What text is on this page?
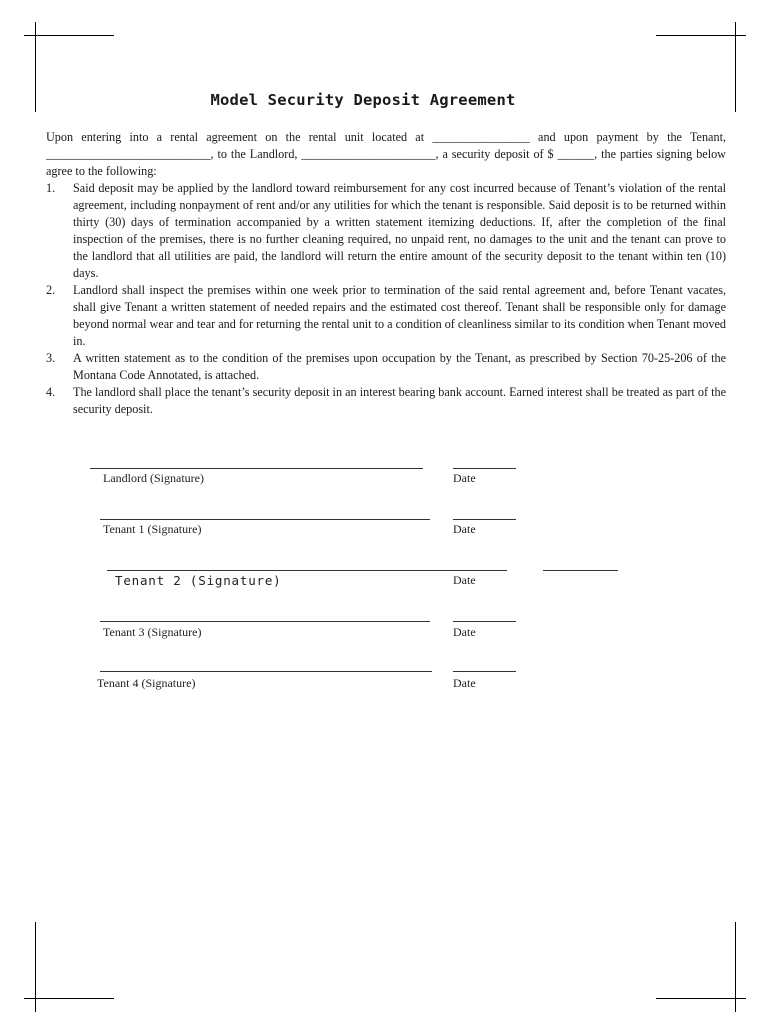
Model Security Deposit Agreement

Upon entering into a rental agreement on the rental unit located at ________________ and upon payment by the Tenant, ___________________________, to the Landlord, ______________________, a security deposit of $ ______, the parties signing below agree to the following:

1. Said deposit may be applied by the landlord toward reimbursement for any cost incurred because of Tenant’s violation of the rental agreement, including nonpayment of rent and/or any utilities for which the tenant is responsible. Said deposit is to be returned within thirty (30) days of termination accompanied by a written statement itemizing deductions. If, after the completion of the final inspection of the premises, there is no further cleaning required, no unpaid rent, no damages to the unit and the tenant can prove to the landlord that all utilities are paid, the landlord will return the entire amount of the security deposit to the tenant within ten (10) days.
2. Landlord shall inspect the premises within one week prior to termination of the said rental agreement and, before Tenant vacates, shall give Tenant a written statement of needed repairs and the estimated cost thereof. Tenant shall be responsible only for damage beyond normal wear and tear and for returning the rental unit to a condition of cleanliness similar to its condition when Tenant moved in.
3. A written statement as to the condition of the premises upon occupation by the Tenant, as prescribed by Section 70-25-206 of the Montana Code Annotated, is attached.
4. The landlord shall place the tenant’s security deposit in an interest bearing bank account. Earned interest shall be treated as part of the security deposit.
Landlord (Signature)	Date
Tenant 1 (Signature)	Date
Tenant 2 (Signature)	Date
Tenant 3 (Signature)	Date
Tenant 4 (Signature)	Date
